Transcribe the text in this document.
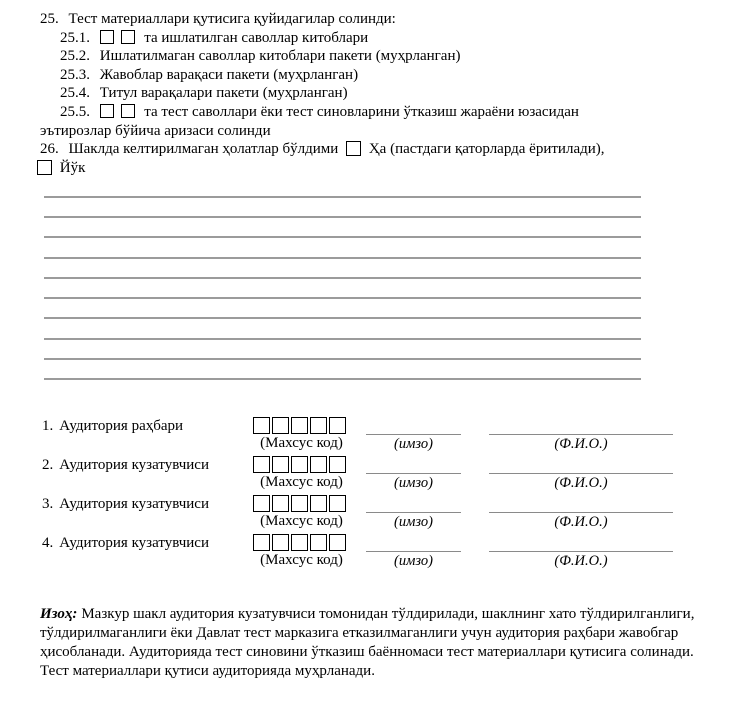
25. Тест материаллари қутисига қуйидагилар солинди:
25.1.	та ишлатилган саволлар китоблари
25.2. Ишлатилмаган саволлар китоблари пакети (муҳрланган)
25.3. Жавоблар варақаси пакети (муҳрланган)
25.4. Титул варақалари пакети (муҳрланган)
25.5.	та тест саволлари ёки тест синовларини ўтказиш жараёни юзасидан эътирозлар бўйича аризаси солинди
26. Шаклда келтирилмаган ҳолатлар бўлдими Ҳа (пастдаги қаторларда ёритилади),
Йўк
1. Аудитория раҳбари
(Махсус код)	(имзо)	(Ф.И.О.)
2. Аудитория кузатувчиси
(Махсус код)	(имзо)	(Ф.И.О.)
3. Аудитория кузатувчиси
(Махсус код)	(имзо)	(Ф.И.О.)
4. Аудитория кузатувчиси
(Махсус код)	(имзо)	(Ф.И.О.)
Изоҳ: Мазкур шакл аудитория кузатувчиси томонидан тўлдирилади, шаклнинг хато тўлдирилганлиги, тўлдирилмаганлиги ёки Давлат тест марказига етказилмаганлиги учун аудитория раҳбари жавобгар ҳисобланади. Аудиторияда тест синовини ўтказиш баённомаси тест материаллари қутисига солинади. Тест материаллари қутиси аудиторияда муҳрланади.
